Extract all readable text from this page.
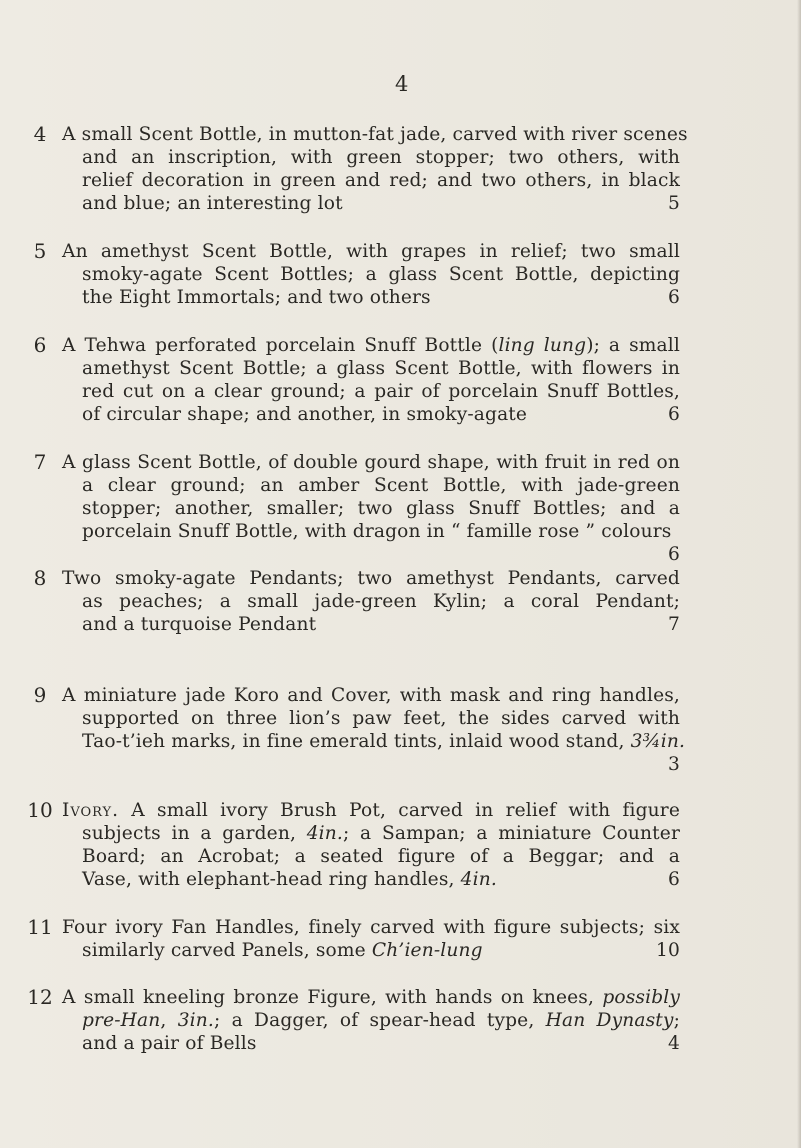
4
4 A small Scent Bottle, in mutton-fat jade, carved with river scenes
and an inscription, with green stopper; two others, with
relief decoration in green and red; and two others, in black
and blue; an interesting lot	5
5 An amethyst Scent Bottle, with grapes in relief; two small
smoky-agate Scent Bottles; a glass Scent Bottle, depicting
the Eight Immortals; and two others	6
6 A Tehwa perforated porcelain Snuff Bottle (ling lung); a small
amethyst Scent Bottle; a glass Scent Bottle, with flowers in
red cut on a clear ground; a pair of porcelain Snuff Bottles,
of circular shape; and another, in smoky-agate	6
7 A glass Scent Bottle, of double gourd shape, with fruit in red on
a clear ground; an amber Scent Bottle, with jade-green
stopper; another, smaller; two glass Snuff Bottles; and a
porcelain Snuff Bottle, with dragon in “ famille rose ” colours
6
8 Two smoky-agate Pendants; two amethyst Pendants, carved
as peaches; a small jade-green Kylin; a coral Pendant;
and a turquoise Pendant	7
9 A miniature jade Koro and Cover, with mask and ring handles,
supported on three lion’s paw feet, the sides carved with
Tao-t’ieh marks, in fine emerald tints, inlaid wood stand, 3¾in.
3
10 Ivory. A small ivory Brush Pot, carved in relief with figure
subjects in a garden, 4in.; a Sampan; a miniature Counter
Board; an Acrobat; a seated figure of a Beggar; and a
Vase, with elephant-head ring handles, 4in.	6
11 Four ivory Fan Handles, finely carved with figure subjects; six
similarly carved Panels, some Ch’ien-lung	10
12 A small kneeling bronze Figure, with hands on knees, possibly
pre-Han, 3in.; a Dagger, of spear-head type, Han Dynasty;
and a pair of Bells	4
